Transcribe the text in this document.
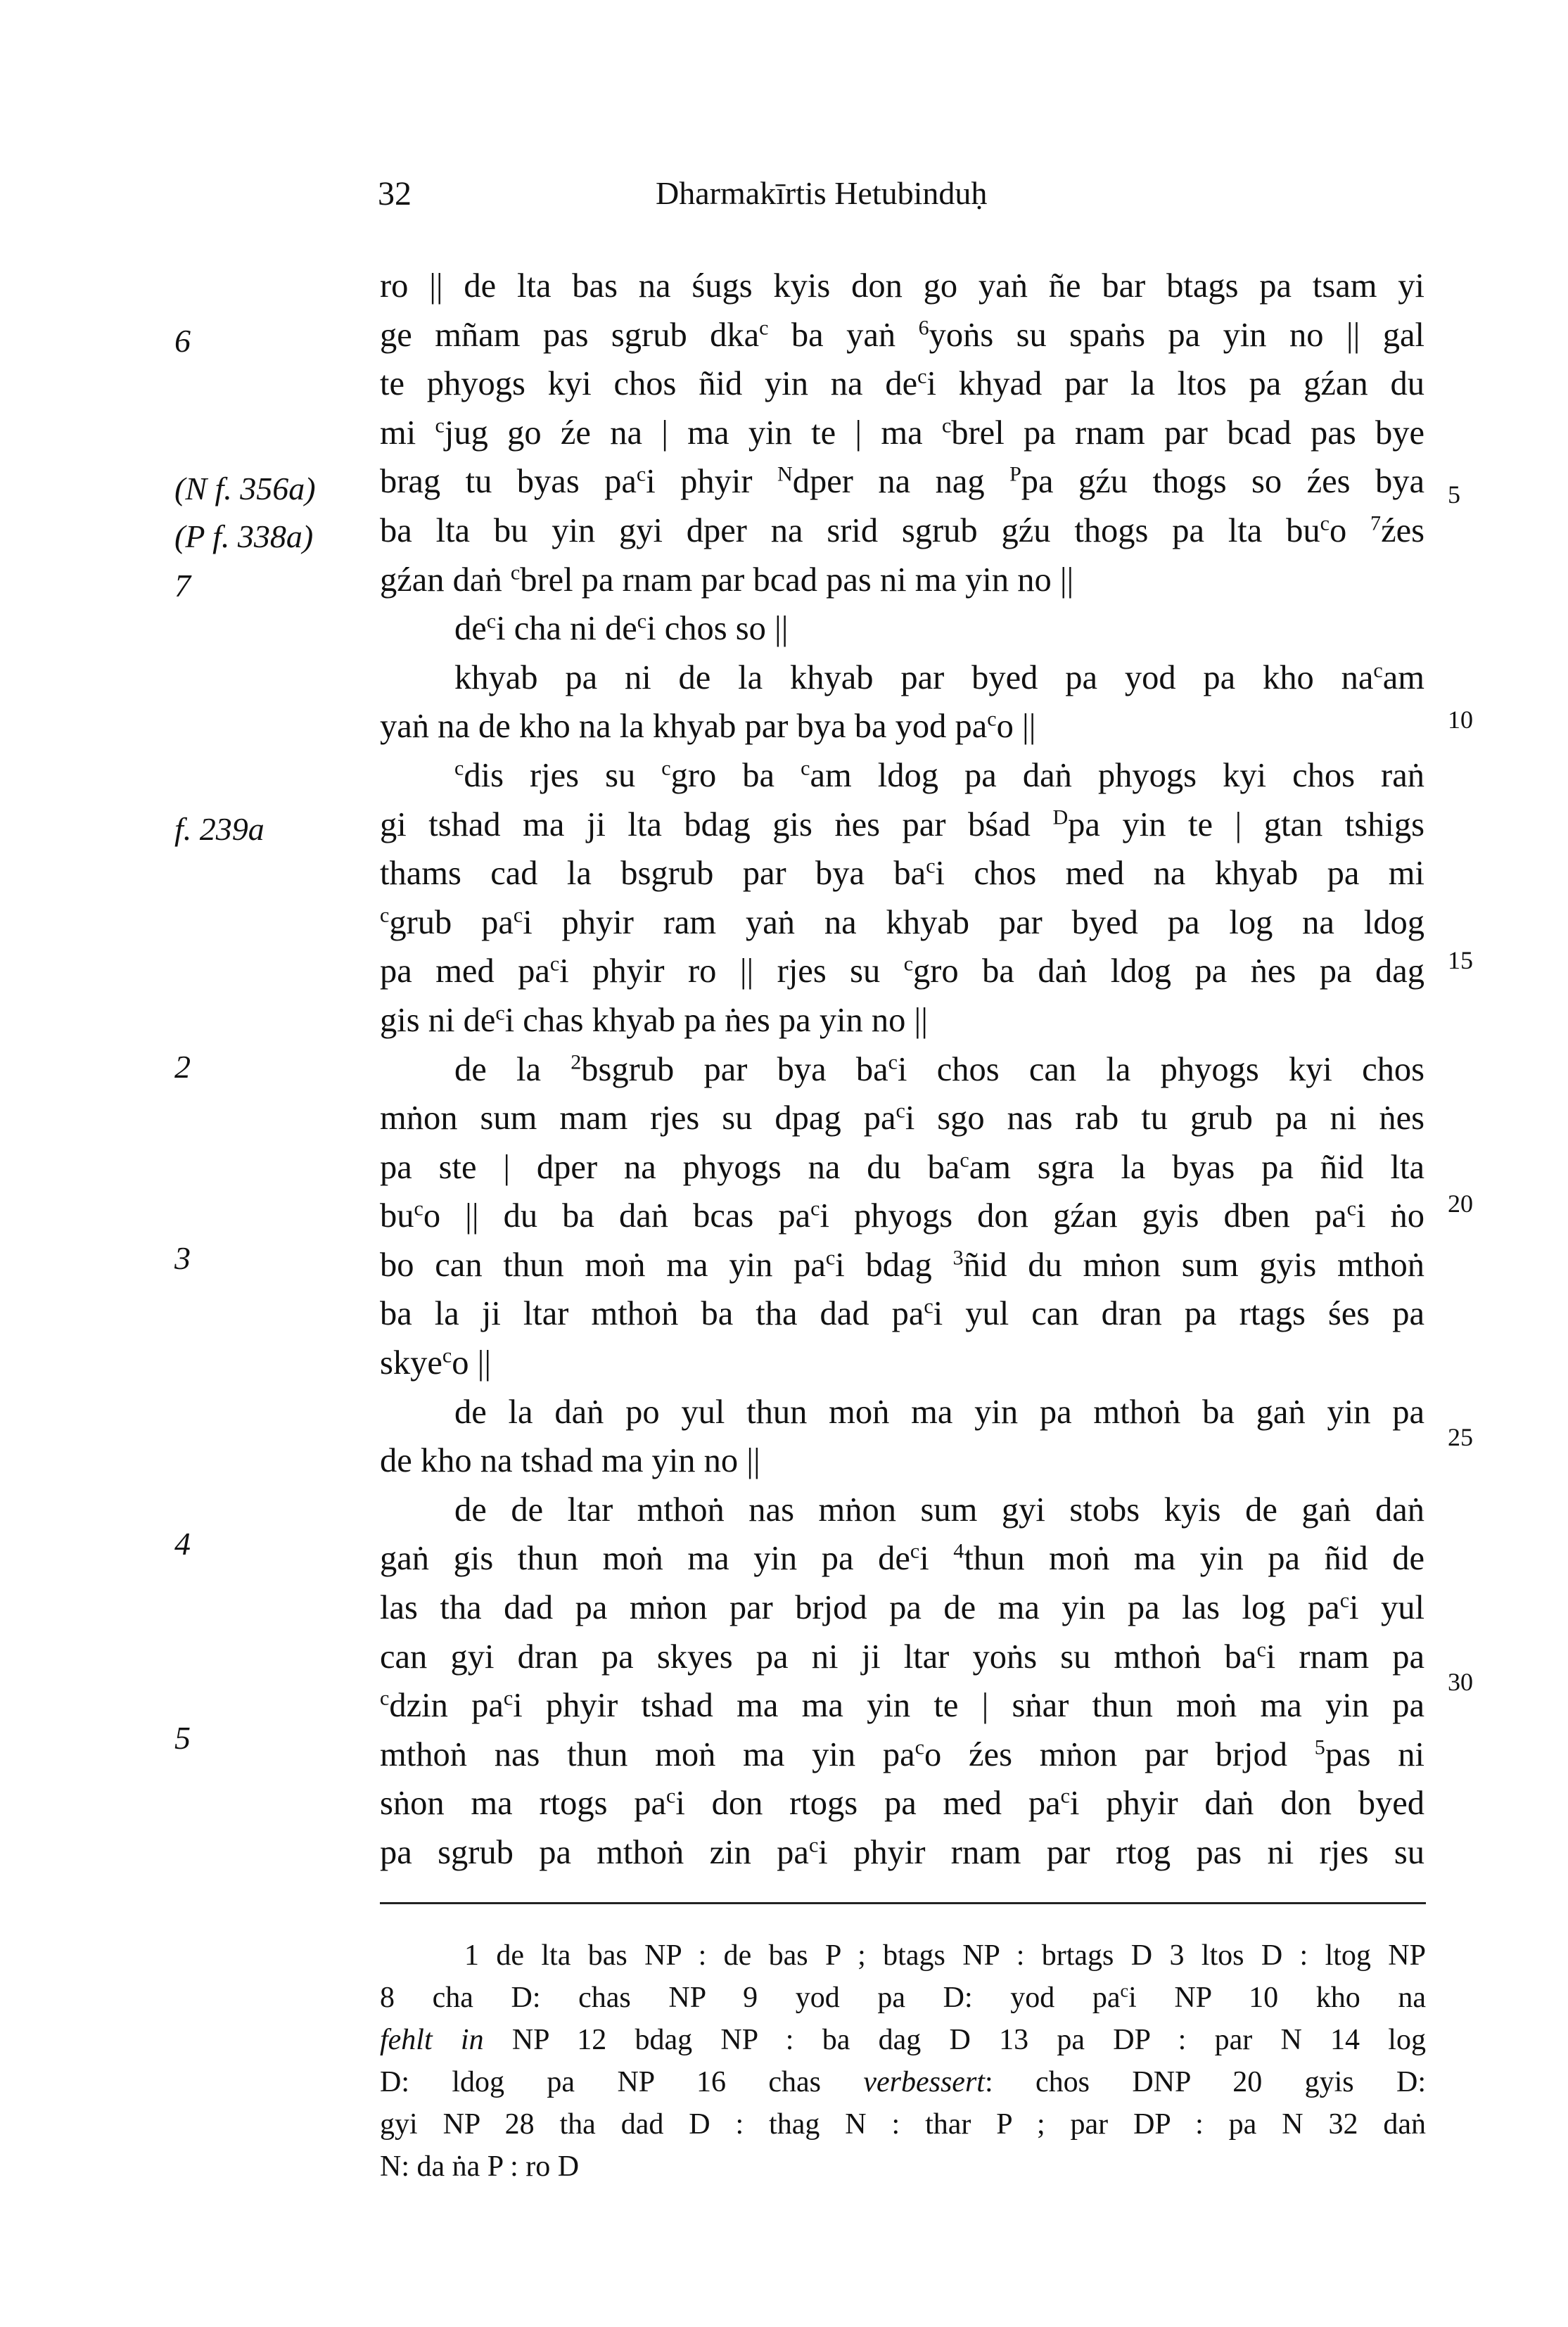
32	Dharmakīrtis Hetubinduḥ
6
(N f. 356a)
(P f. 338a)
7
f. 239a
2
3
4
5
5
10
15
20
25
30
ro || de lta bas na śugs kyis don go yaṅ ñe bar btags pa tsam yi
ge mñam pas sgrub dka$^c$ ba yaṅ $^6$yoṅs su spaṅs pa yin no || gal
te phyogs kyi chos ñid yin na $de^ci$ khyad par la ltos pa gźan du
mi $^c$jug go źe na | ma yin te | ma $^c$brel pa rnam par bcad pas bye
brag tu byas $pa^ci$ phyir $^N$dper na nag $^P$pa gźu thogs so źes bya
ba lta bu yin gyi dper na srid sgrub gźu thogs pa lta $bu^co$ $^7$źes
gźan daṅ $^c$brel pa rnam par bcad pas ni ma yin no ||
$de^ci$ cha ni $de^ci$ chos so ||
khyab pa ni de la khyab par byed pa yod pa kho $na^cam$
yaṅ na de kho na la khyab par bya ba yod $pa^co$ ||
$^c$dis rjes su $^c$gro ba $^c$am ldog pa daṅ phyogs kyi chos raṅ
gi tshad ma ji lta bdag gis ṅes par bśad $^D$pa yin te | gtan tshigs
thams cad la bsgrub par bya $ba^ci$ chos med na khyab pa mi
$^c$grub $pa^ci$ phyir ram yaṅ na khyab par byed pa log na ldog
pa med $pa^ci$ phyir ro || rjes su $^c$gro ba daṅ ldog pa ṅes pa dag
gis ni $de^ci$ chas khyab pa ṅes pa yin no ||
de la $^2$bsgrub par bya $ba^ci$ chos can la phyogs kyi chos
mṅon sum mam rjes su dpag $pa^ci$ sgo nas rab tu grub pa ni ṅes
pa ste | dper na phyogs na du $ba^cam$ sgra la byas pa ñid lta
$bu^co$ || du ba daṅ bcas $pa^ci$ phyogs don gźan gyis dben $pa^ci$ ṅo
bo can thun moṅ ma yin $pa^ci$ bdag $^3$ñid du mṅon sum gyis mthoṅ
ba la ji ltar mthoṅ ba tha dad $pa^ci$ yul can dran pa rtags śes pa
skye$^c$o ||
de la daṅ po yul thun moṅ ma yin pa mthoṅ ba gaṅ yin pa
de kho na tshad ma yin no ||
de de ltar mthoṅ nas mṅon sum gyi stobs kyis de gaṅ daṅ
gaṅ gis thun moṅ ma yin pa $de^ci$ $^4$thun moṅ ma yin pa ñid de
las tha dad pa mṅon par brjod pa de ma yin pa las $\log pa^ci$ yul
can gyi dran pa skyes pa ni ji ltar yoṅs su mthoṅ $ba^ci$ rnam pa
$^c$dzin $pa^ci$ phyir tshad ma ma yin te | sṅar thun moṅ ma yin pa
mthoṅ nas thun moṅ ma yin $pa^co$ źes mṅon par brjod $^5$pas ni
sṅon ma rtogs $pa^ci$ don rtogs pa med $pa^ci$ phyir daṅ don byed
pa sgrub pa mthoṅ zin $pa^ci$ phyir rnam par rtog pas ni rjes su
1 de lta bas NP : de bas P ; btags NP : brtags D 3 ltos D : ltog NP
8 cha D: chas NP 9 yod pa D: yod $pa^ci$ NP 10 kho na
fehlt in NP 12 bdag NP : ba dag D 13 pa DP : par N 14 log
D: ldog pa NP 16 chas verbessert: chos DNP 20 gyis D:
gyi NP 28 tha dad D : thag N : thar P ; par DP : pa N 32 daṅ
N: da ṅa P : ro D
